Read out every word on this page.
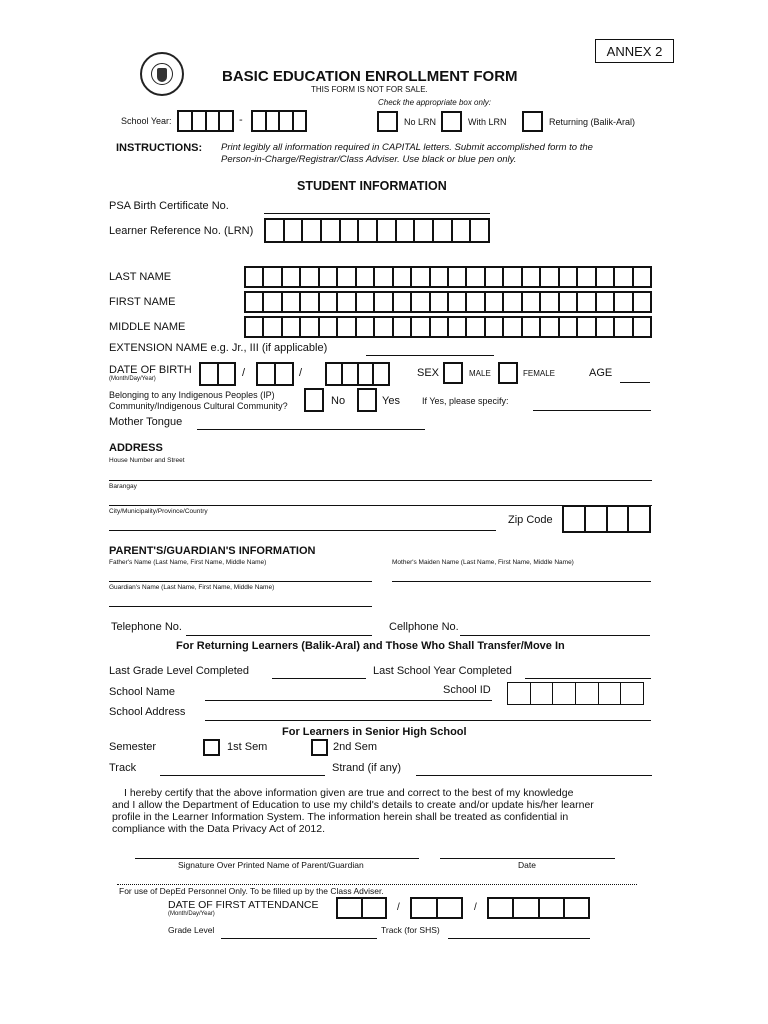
ANNEX 2
BASIC EDUCATION ENROLLMENT FORM
THIS FORM IS NOT FOR SALE.
Check the appropriate box only:
School Year:	-	No LRN	With LRN	Returning (Balik-Aral)
INSTRUCTIONS: Print legibly all information required in CAPITAL letters. Submit accomplished form to the
Person-in-Charge/Registrar/Class Adviser. Use black or blue pen only.
STUDENT INFORMATION
PSA Birth Certificate No.
Learner Reference No. (LRN)
LAST NAME
FIRST NAME
MIDDLE NAME
EXTENSION NAME e.g. Jr., III (if applicable)
DATE OF BIRTH
(Month/Day/Year)	/	/	SEX	MALE	FEMALE	AGE
Belonging to any Indigenous Peoples (IP)
Community/Indigenous Cultural Community?	No	Yes If Yes, please specify:
Mother Tongue
ADDRESS
House Number and Street
Barangay
City/Municipality/Province/Country
Zip Code
PARENT'S/GUARDIAN'S INFORMATION
Father's Name (Last Name, First Name, Middle Name)	Mother's Maiden Name (Last Name, First Name, Middle Name)
Guardian's Name (Last Name, First Name, Middle Name)
Telephone No.	Cellphone No.
For Returning Learners (Balik-Aral) and Those Who Shall Transfer/Move In
Last Grade Level Completed	Last School Year Completed
School Name	School ID
School Address
For Learners in Senior High School
Semester	1st Sem	2nd Sem
Track	Strand (if any)
I hereby certify that the above information given are true and correct to the best of my knowledge
and I allow the Department of Education to use my child's details to create and/or update his/her learner
profile in the Learner Information System. The information herein shall be treated as confidential in
compliance with the Data Privacy Act of 2012.
Signature Over Printed Name of Parent/Guardian	Date
For use of DepEd Personnel Only. To be filled up by the Class Adviser.
DATE OF FIRST ATTENDANCE
(Month/Day/Year)
/	/
Grade Level	Track (for SHS)
